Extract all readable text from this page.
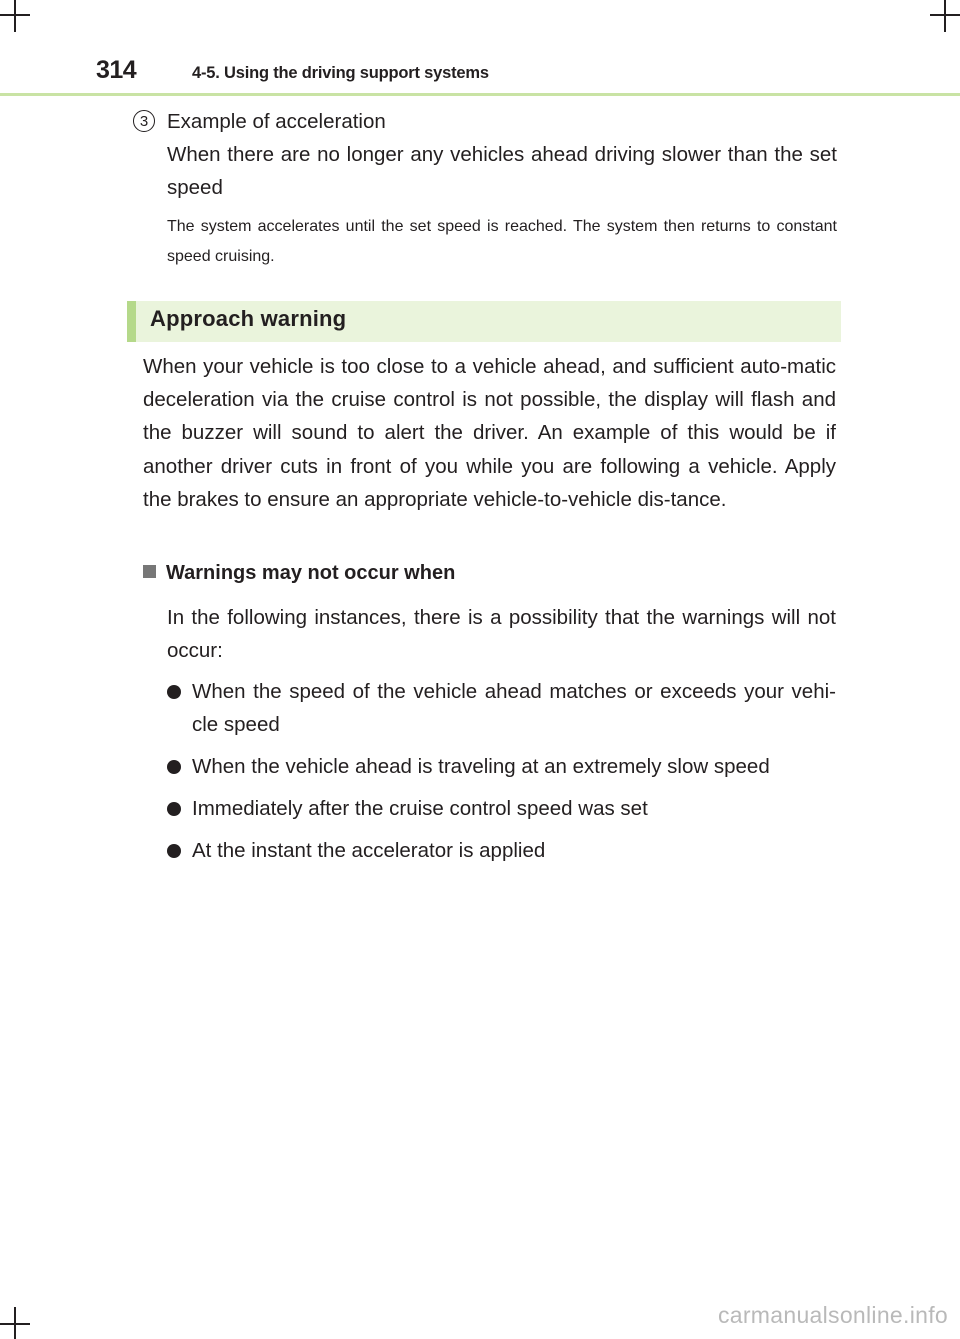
314	4-5. Using the driving support systems
3 Example of acceleration

When there are no longer any vehicles ahead driving slower than the set speed

The system accelerates until the set speed is reached. The system then returns to constant speed cruising.

Approach warning

When your vehicle is too close to a vehicle ahead, and sufficient auto-matic deceleration via the cruise control is not possible, the display will flash and the buzzer will sound to alert the driver. An example of this would be if another driver cuts in front of you while you are following a vehicle. Apply the brakes to ensure an appropriate vehicle-to-vehicle dis-tance.

Warnings may not occur when

In the following instances, there is a possibility that the warnings will not occur:

When the speed of the vehicle ahead matches or exceeds your vehi-cle speed
When the vehicle ahead is traveling at an extremely slow speed
Immediately after the cruise control speed was set
At the instant the accelerator is applied
carmanualsonline.info
